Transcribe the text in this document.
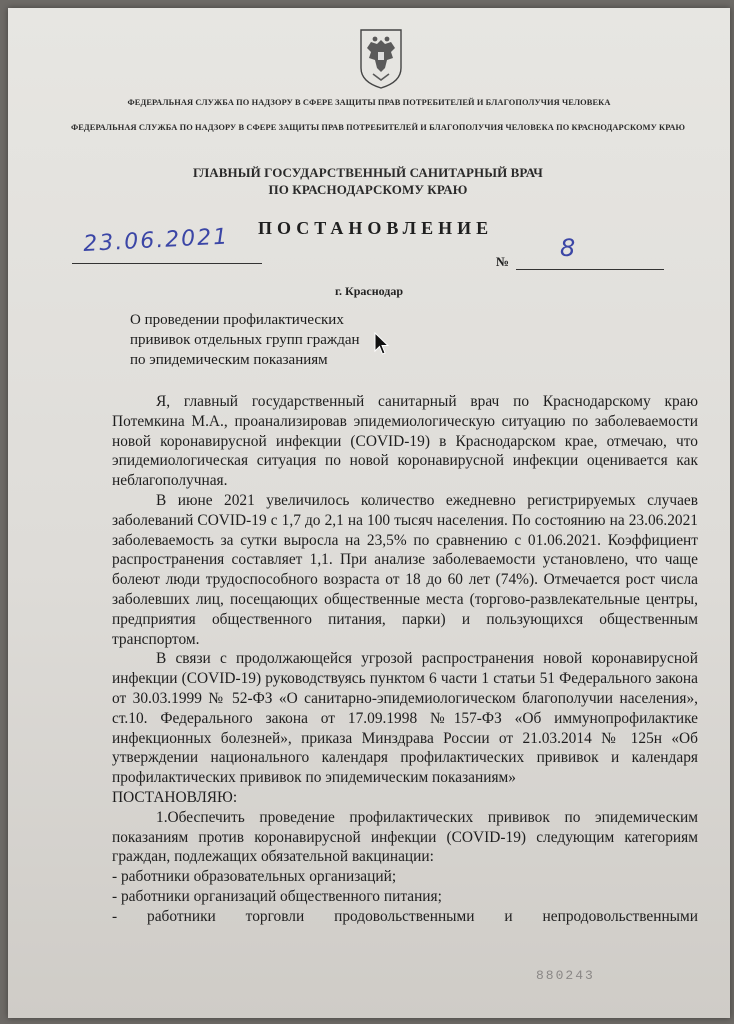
ФЕДЕРАЛЬНАЯ СЛУЖБА ПО НАДЗОРУ В СФЕРЕ ЗАЩИТЫ ПРАВ ПОТРЕБИТЕЛЕЙ И БЛАГОПОЛУЧИЯ ЧЕЛОВЕКА
ФЕДЕРАЛЬНАЯ СЛУЖБА ПО НАДЗОРУ В СФЕРЕ ЗАЩИТЫ ПРАВ ПОТРЕБИТЕЛЕЙ И БЛАГОПОЛУЧИЯ ЧЕЛОВЕКА ПО КРАСНОДАРСКОМУ КРАЮ
ГЛАВНЫЙ ГОСУДАРСТВЕННЫЙ САНИТАРНЫЙ ВРАЧ
ПО КРАСНОДАРСКОМУ КРАЮ
ПОСТАНОВЛЕНИЕ
23.06.2021
№ 8
г. Краснодар
О проведении профилактических
прививок отдельных групп граждан
по эпидемическим показаниям

Я, главный государственный санитарный врач по Краснодарскому краю Потемкина М.А., проанализировав эпидемиологическую ситуацию по заболеваемости новой коронавирусной инфекции (COVID-19) в Краснодарском крае, отмечаю, что эпидемиологическая ситуация по новой коронавирусной инфекции оценивается как неблагополучная.

В июне 2021 увеличилось количество ежедневно регистрируемых случаев заболеваний COVID-19 с 1,7 до 2,1 на 100 тысяч населения. По состоянию на 23.06.2021 заболеваемость за сутки выросла на 23,5% по сравнению с 01.06.2021. Коэффициент распространения составляет 1,1. При анализе заболеваемости установлено, что чаще болеют люди трудоспособного возраста от 18 до 60 лет (74%). Отмечается рост числа заболевших лиц, посещающих общественные места (торгово-развлекательные центры, предприятия общественного питания, парки) и пользующихся общественным транспортом.

В связи с продолжающейся угрозой распространения новой коронавирусной инфекции (COVID-19) руководствуясь пунктом 6 части 1 статьи 51 Федерального закона от 30.03.1999 № 52-ФЗ «О санитарно-эпидемиологическом благополучии населения», ст.10. Федерального закона от 17.09.1998 №157-ФЗ «Об иммунопрофилактике инфекционных болезней», приказа Минздрава России от 21.03.2014 № 125н «Об утверждении национального календаря профилактических прививок и календаря профилактических прививок по эпидемическим показаниям»

ПОСТАНОВЛЯЮ:

1.Обеспечить проведение профилактических прививок по эпидемическим показаниям против коронавирусной инфекции (COVID-19) следующим категориям граждан, подлежащих обязательной вакцинации:

- работники образовательных организаций;

- работники организаций общественного питания;

- работники торговли продовольственными и непродовольственными

880243
